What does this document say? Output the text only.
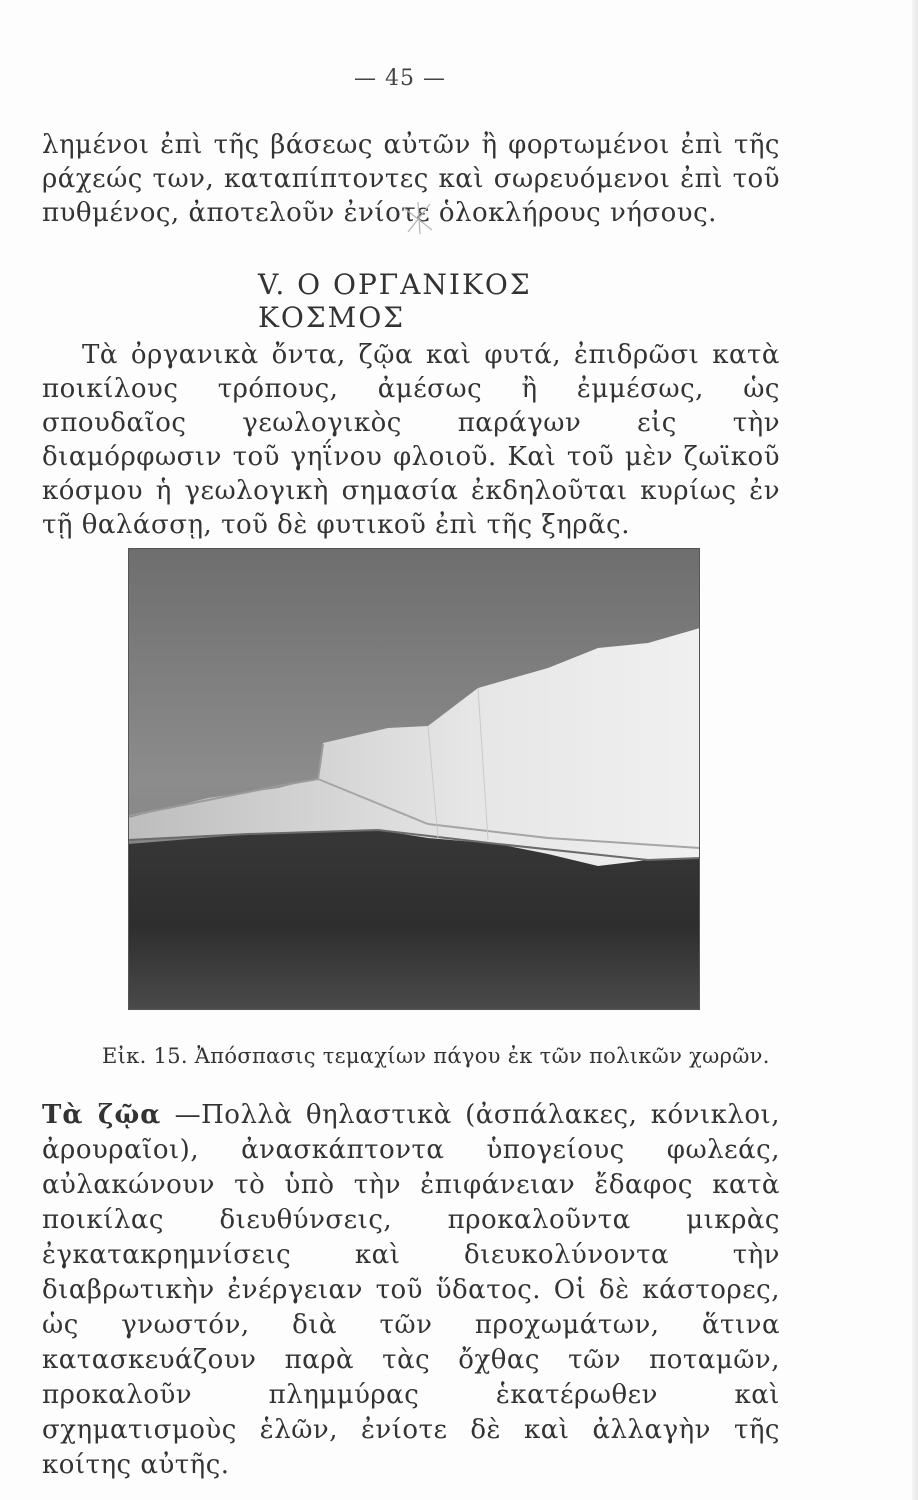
— 45 —
λημένοι ἐπὶ τῆς βάσεως αὐτῶν ἢ φορτωμένοι ἐπὶ τῆς ράχεώς των, καταπίπτοντες καὶ σωρευόμενοι ἐπὶ τοῦ πυθμένος, ἀποτελοῦν ἐνίοτε ὁλοκλήρους νήσους.
V. Ο ΟΡΓΑΝΙΚΟΣ ΚΟΣΜΟΣ
Τὰ ὀργανικὰ ὄντα, ζῷα καὶ φυτά, ἐπιδρῶσι κατὰ ποικίλους τρόπους, ἀμέσως ἢ ἐμμέσως, ὡς σπουδαῖος γεωλογικὸς παράγων εἰς τὴν διαμόρφωσιν τοῦ γηΐνου φλοιοῦ. Καὶ τοῦ μὲν ζωϊκοῦ κόσμου ἡ γεωλογικὴ σημασία ἐκδηλοῦται κυρίως ἐν τῇ θαλάσσῃ, τοῦ δὲ φυτικοῦ ἐπὶ τῆς ξηρᾶς.
Εἰκ. 15. Ἀπόσπασις τεμαχίων πάγου ἐκ τῶν πολικῶν χωρῶν.
Τὰ ζῷα —Πολλὰ θηλαστικὰ (ἀσπάλακες, κόνικλοι, ἀρουραῖοι), ἀνασκάπτοντα ὑπογείους φωλεάς, αὐλακώνουν τὸ ὑπὸ τὴν ἐπιφάνειαν ἔδαφος κατὰ ποικίλας διευθύνσεις, προκαλοῦντα μικρὰς ἐγκατακρημνίσεις καὶ διευκολύνοντα τὴν διαβρωτικὴν ἐνέργειαν τοῦ ὕδατος. Οἱ δὲ κάστορες, ὡς γνωστόν, διὰ τῶν προχωμάτων, ἅτινα κατασκευάζουν παρὰ τὰς ὄχθας τῶν ποταμῶν, προκαλοῦν πλημμύρας ἑκατέρωθεν καὶ σχηματισμοὺς ἑλῶν, ἐνίοτε δὲ καὶ ἀλλαγὴν τῆς κοίτης αὐτῆς.
